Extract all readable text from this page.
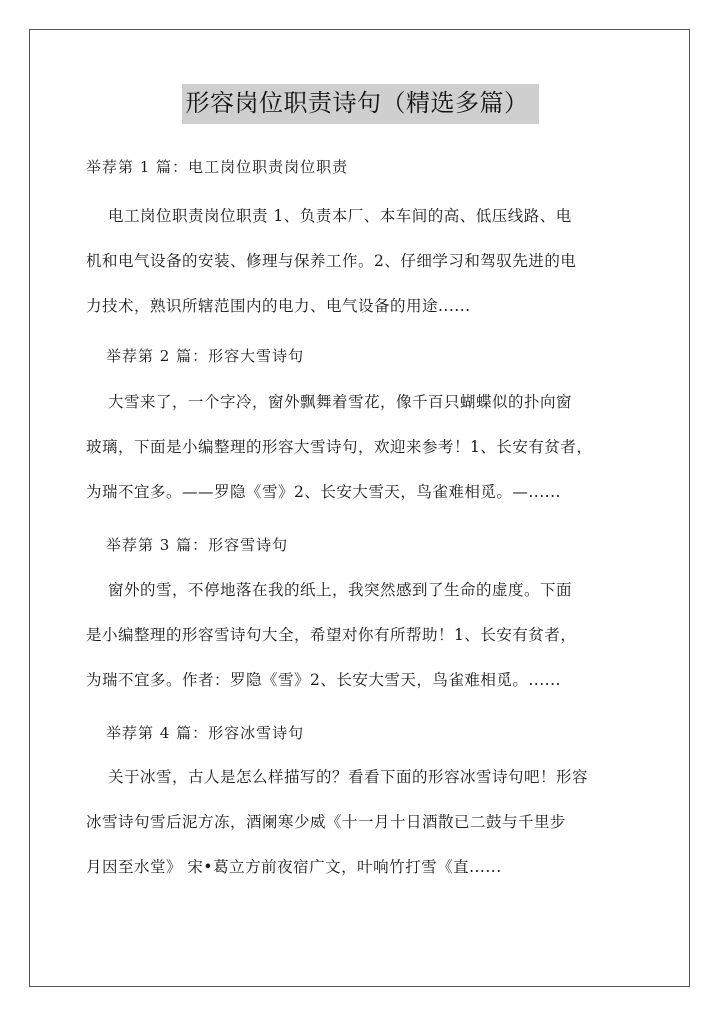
形容岗位职责诗句（精选多篇）
举荐第 1 篇：电工岗位职责岗位职责
电工岗位职责岗位职责 1、负责本厂、本车间的高、低压线路、电
机和电气设备的安装、修理与保养工作。2、仔细学习和驾驭先进的电
力技术，熟识所辖范围内的电力、电气设备的用途......
举荐第 2 篇：形容大雪诗句
大雪来了，一个字冷，窗外飘舞着雪花，像千百只蝴蝶似的扑向窗
玻璃，下面是小编整理的形容大雪诗句，欢迎来参考！1、长安有贫者，
为瑞不宜多。——罗隐《雪》2、长安大雪天，鸟雀难相觅。—......
举荐第 3 篇：形容雪诗句
窗外的雪，不停地落在我的纸上，我突然感到了生命的虚度。下面
是小编整理的形容雪诗句大全，希望对你有所帮助！1、长安有贫者，
为瑞不宜多。作者：罗隐《雪》2、长安大雪天，鸟雀难相觅。......
举荐第 4 篇：形容冰雪诗句
关于冰雪，古人是怎么样描写的？看看下面的形容冰雪诗句吧！形容
冰雪诗句雪后泥方冻，酒阑寒少威《十一月十日酒散已二鼓与千里步
月因至水堂》 宋•葛立方前夜宿广文，叶响竹打雪《直......
